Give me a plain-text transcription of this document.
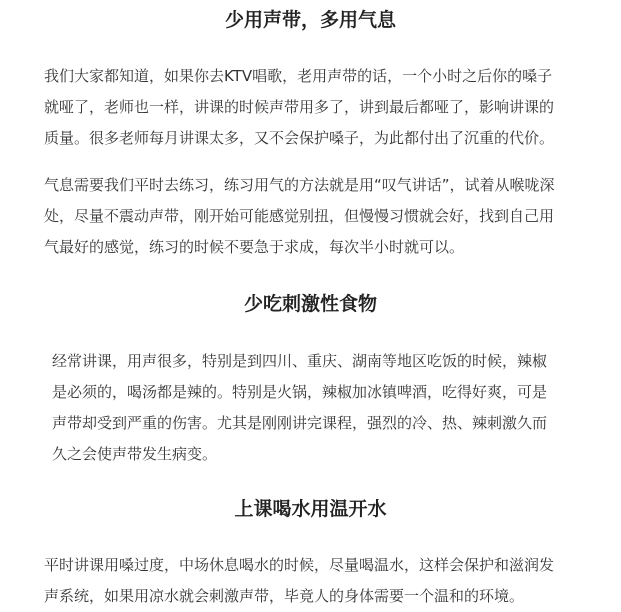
少用声带，多用气息

我们大家都知道，如果你去KTV唱歌，老用声带的话，一个小时之后你的嗓子
就哑了，老师也一样，讲课的时候声带用多了，讲到最后都哑了，影响讲课的
质量。很多老师每月讲课太多，又不会保护嗓子，为此都付出了沉重的代价。

气息需要我们平时去练习，练习用气的方法就是用“叹气讲话”，试着从喉咙深
处，尽量不震动声带，刚开始可能感觉别扭，但慢慢习惯就会好，找到自己用
气最好的感觉，练习的时候不要急于求成，每次半小时就可以。

少吃刺激性食物

经常讲课，用声很多，特别是到四川、重庆、湖南等地区吃饭的时候，辣椒
是必须的，喝汤都是辣的。特别是火锅，辣椒加冰镇啤酒，吃得好爽，可是
声带却受到严重的伤害。尤其是刚刚讲完课程，强烈的冷、热、辣刺激久而
久之会使声带发生病变。

上课喝水用温开水

平时讲课用嗓过度，中场休息喝水的时候，尽量喝温水，这样会保护和滋润发
声系统，如果用凉水就会刺激声带，毕竟人的身体需要一个温和的环境。
